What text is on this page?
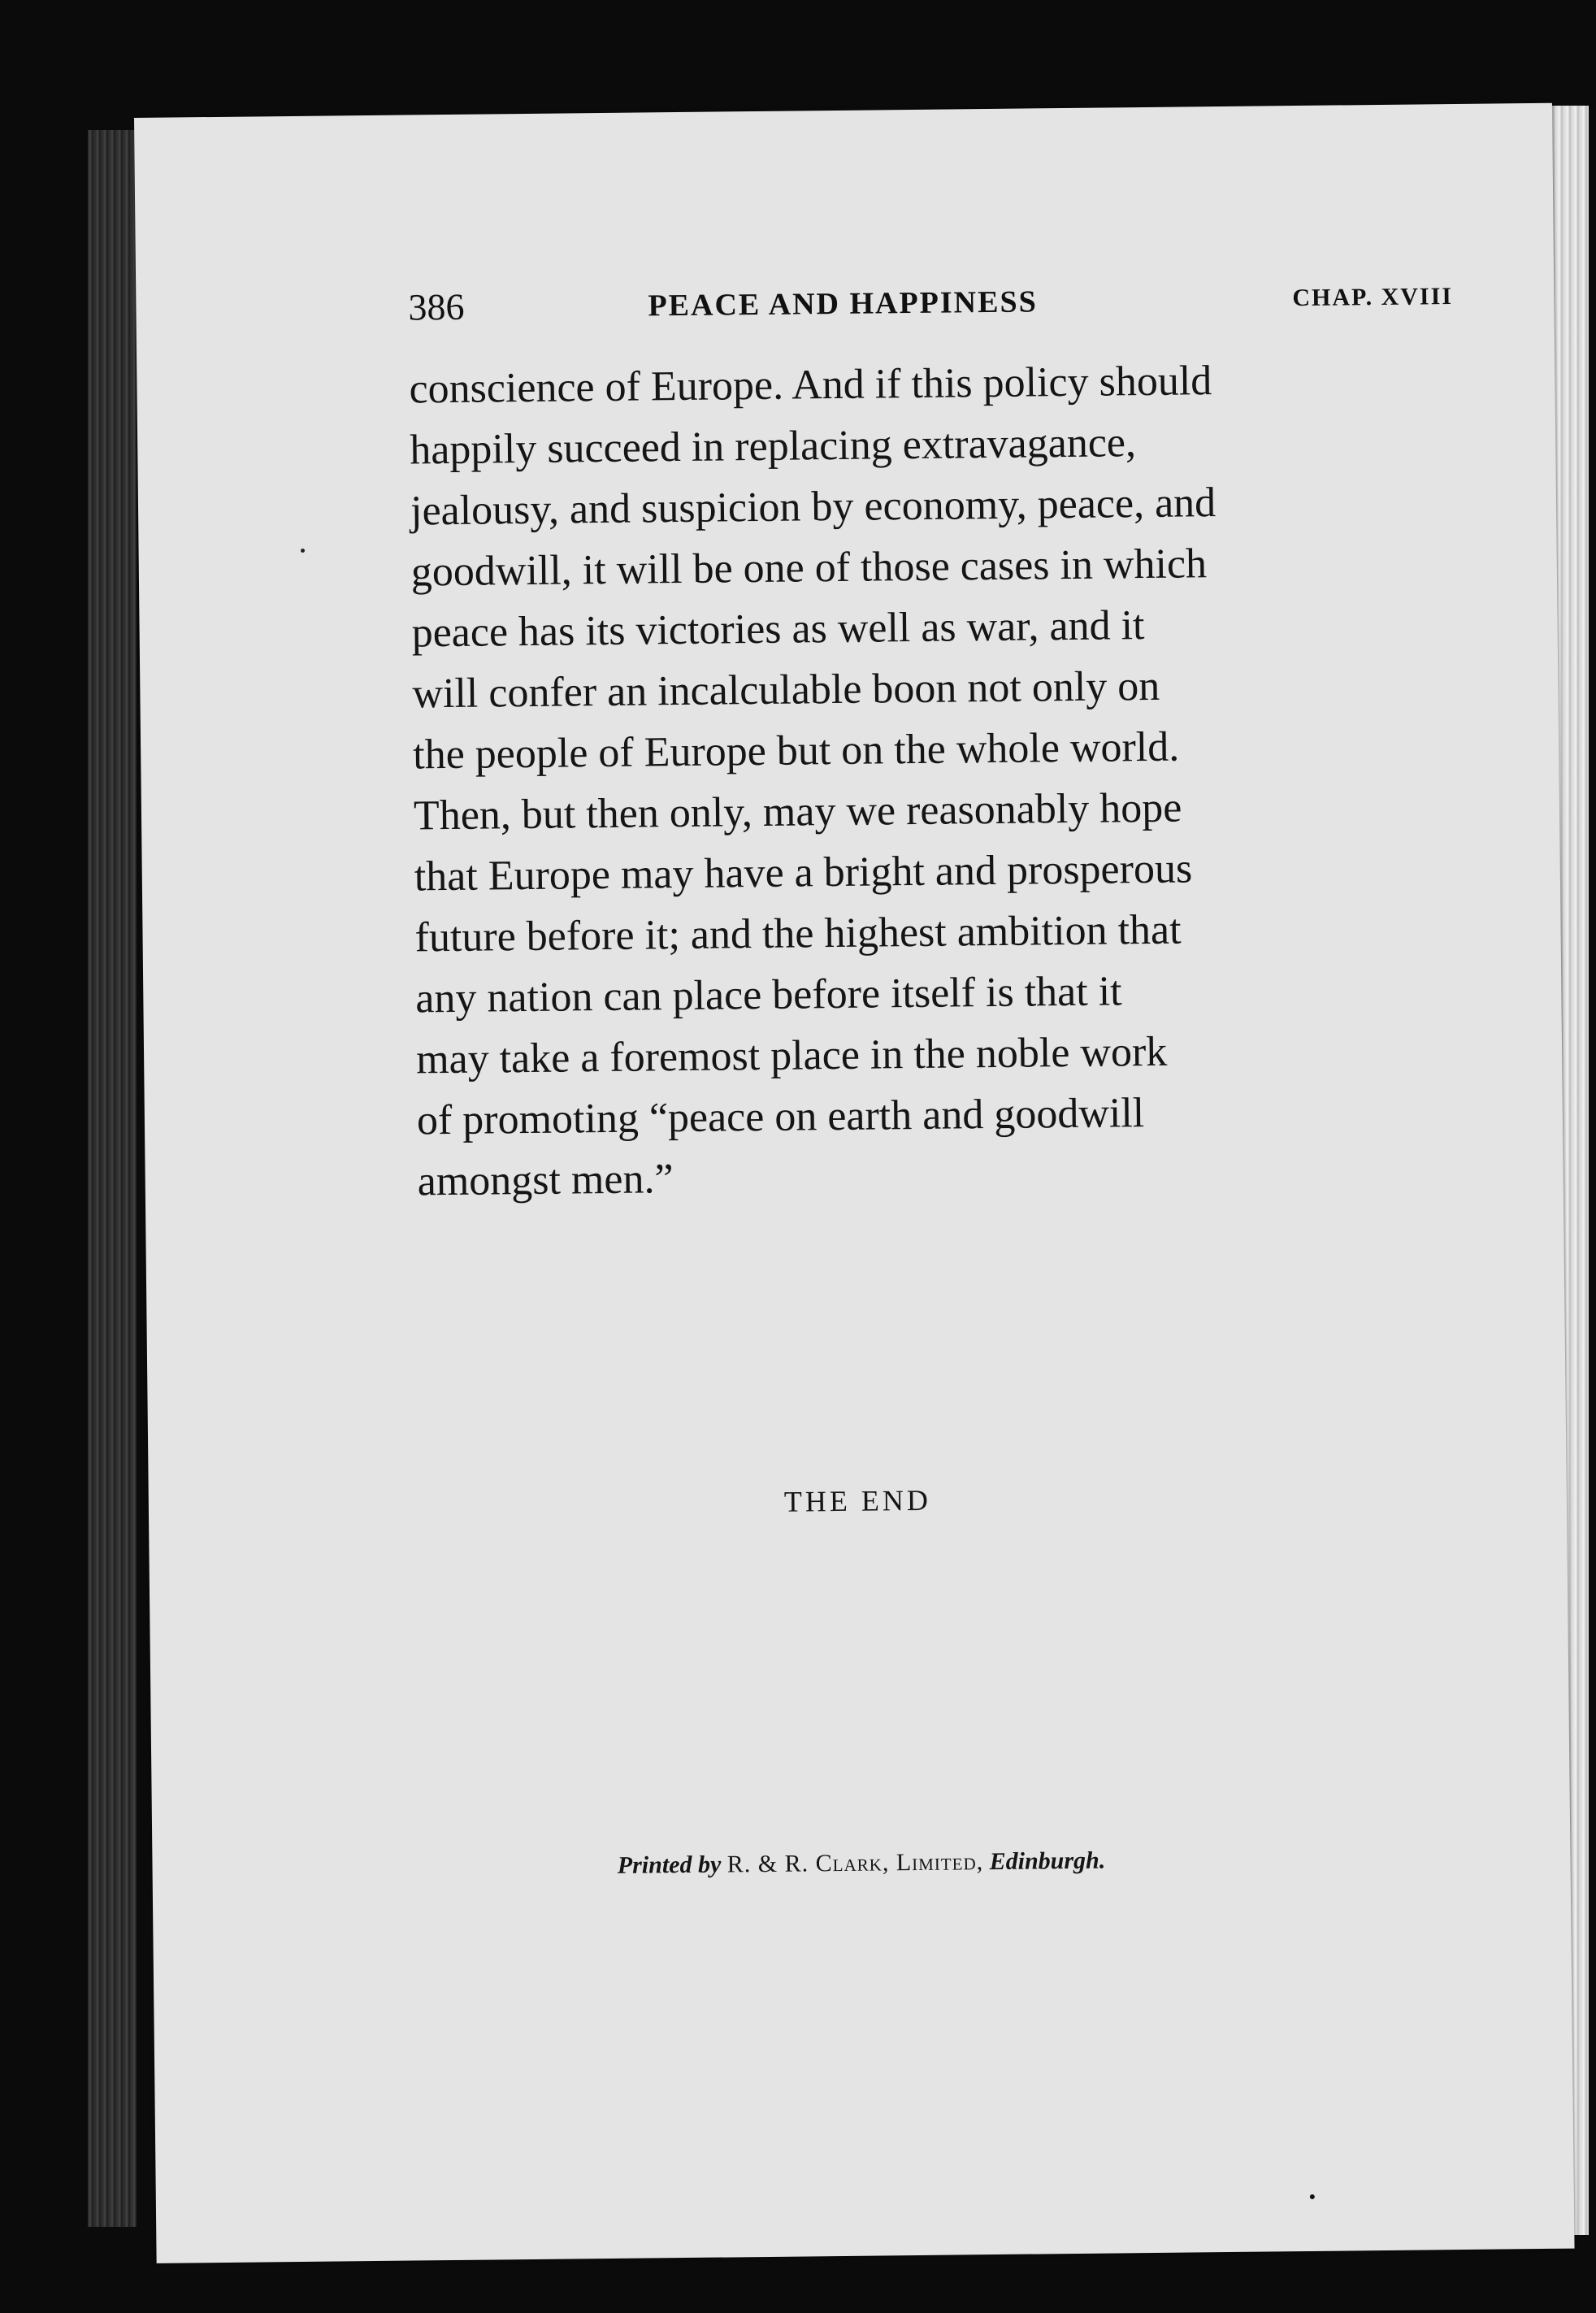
386	PEACE AND HAPPINESS	CHAP. XVIII
conscience of Europe. And if this policy should
happily succeed in replacing extravagance,
jealousy, and suspicion by economy, peace, and
goodwill, it will be one of those cases in which
peace has its victories as well as war, and it
will confer an incalculable boon not only on
the people of Europe but on the whole world.
Then, but then only, may we reasonably hope
that Europe may have a bright and prosperous
future before it; and the highest ambition that
any nation can place before itself is that it
may take a foremost place in the noble work
of promoting “peace on earth and goodwill
amongst men.”
THE END
Printed by R. & R. Clark, Limited, Edinburgh.
